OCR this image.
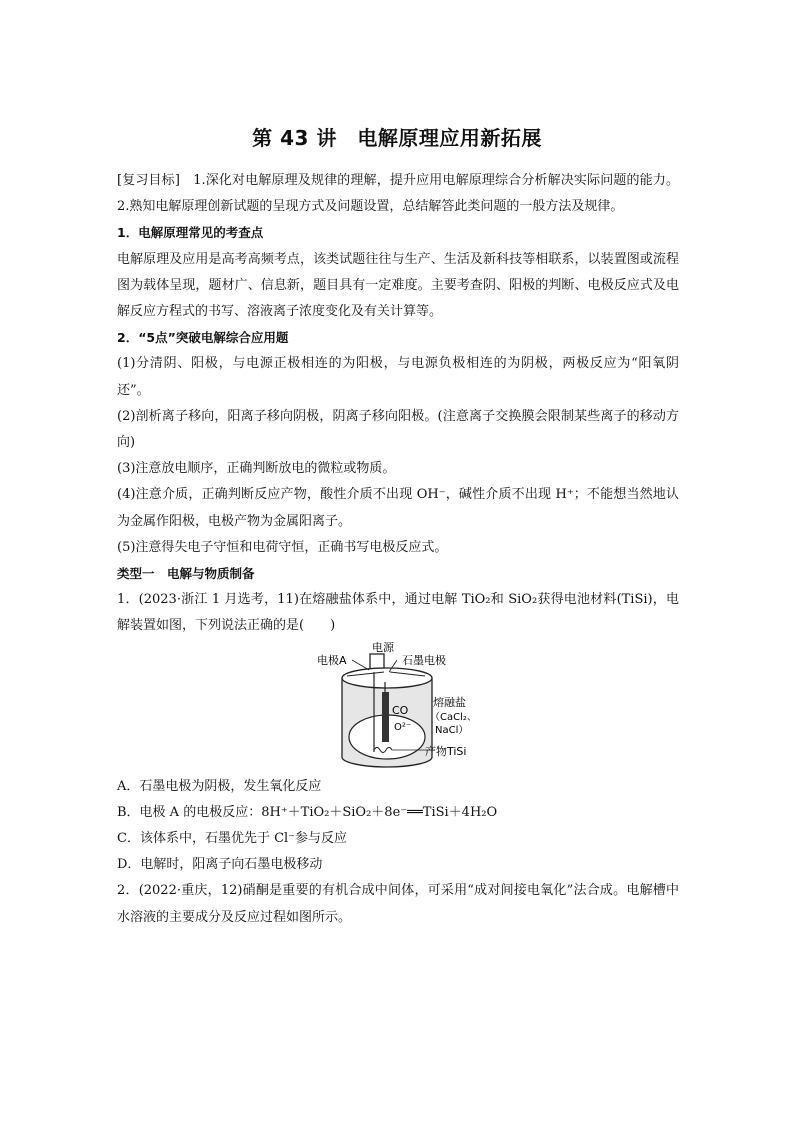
第 43 讲　电解原理应用新拓展

[复习目标]　1.深化对电解原理及规律的理解，提升应用电解原理综合分析解决实际问题的能力。2.熟知电解原理创新试题的呈现方式及问题设置，总结解答此类问题的一般方法及规律。

1．电解原理常见的考查点

电解原理及应用是高考高频考点，该类试题往往与生产、生活及新科技等相联系，以装置图或流程图为载体呈现，题材广、信息新，题目具有一定难度。主要考查阴、阳极的判断、电极反应式及电解反应方程式的书写、溶液离子浓度变化及有关计算等。

2．“5点”突破电解综合应用题

(1)分清阴、阳极，与电源正极相连的为阳极，与电源负极相连的为阴极，两极反应为“阳氧阴还”。

(2)剖析离子移向，阳离子移向阴极，阴离子移向阳极。(注意离子交换膜会限制某些离子的移动方向)

(3)注意放电顺序，正确判断放电的微粒或物质。

(4)注意介质，正确判断反应产物，酸性介质不出现 OH⁻，碱性介质不出现 H⁺；不能想当然地认为金属作阳极，电极产物为金属阳离子。

(5)注意得失电子守恒和电荷守恒，正确书写电极反应式。

类型一　电解与物质制备

1．(2023·浙江 1 月选考，11)在熔融盐体系中，通过电解 TiO₂和 SiO₂获得电池材料(TiSi)，电解装置如图，下列说法正确的是(　　)

电源
电极A	石墨电极
CO
O²⁻
熔融盐
（CaCl₂、
NaCl）
产物TiSi

A．石墨电极为阴极，发生氧化反应

B．电极 A 的电极反应：8H⁺＋TiO₂＋SiO₂＋8e⁻══TiSi＋4H₂O

C．该体系中，石墨优先于 Cl⁻参与反应

D．电解时，阳离子向石墨电极移动

2．(2022·重庆，12)硝酮是重要的有机合成中间体，可采用“成对间接电氧化”法合成。电解槽中水溶液的主要成分及反应过程如图所示。
